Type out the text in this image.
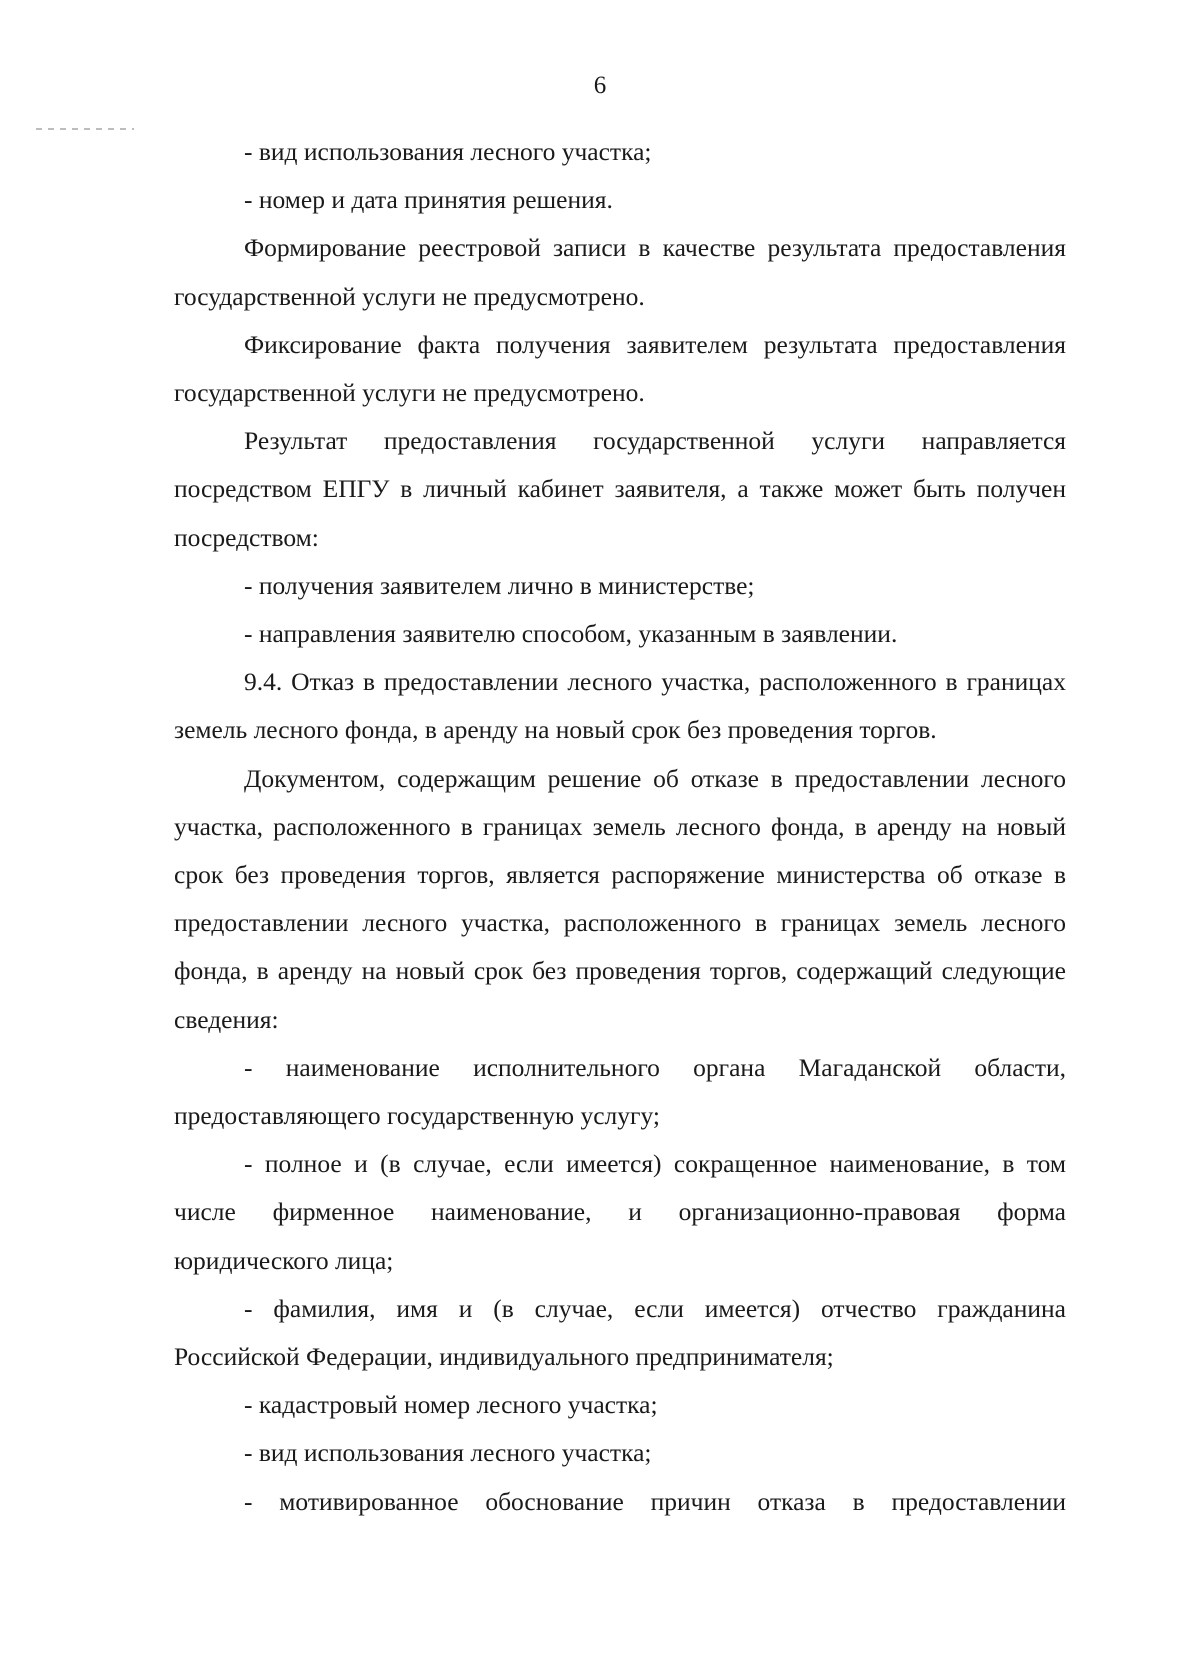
6

- вид использования лесного участка;

- номер и дата принятия решения.

Формирование реестровой записи в качестве результата предоставления государственной услуги не предусмотрено.

Фиксирование факта получения заявителем результата предоставления государственной услуги не предусмотрено.

Результат предоставления государственной услуги направляется посредством ЕПГУ в личный кабинет заявителя, а также может быть получен посредством:

- получения заявителем лично в министерстве;

- направления заявителю способом, указанным в заявлении.

9.4. Отказ в предоставлении лесного участка, расположенного в границах земель лесного фонда, в аренду на новый срок без проведения торгов.

Документом, содержащим решение об отказе в предоставлении лесного участка, расположенного в границах земель лесного фонда, в аренду на новый срок без проведения торгов, является распоряжение министерства об отказе в предоставлении лесного участка, расположенного в границах земель лесного фонда, в аренду на новый срок без проведения торгов, содержащий следующие сведения:

- наименование исполнительного органа Магаданской области, предоставляющего государственную услугу;

- полное и (в случае, если имеется) сокращенное наименование, в том числе фирменное наименование, и организационно-правовая форма юридического лица;

- фамилия, имя и (в случае, если имеется) отчество гражданина Российской Федерации, индивидуального предпринимателя;

- кадастровый номер лесного участка;

- вид использования лесного участка;

- мотивированное обоснование причин отказа в предоставлении
